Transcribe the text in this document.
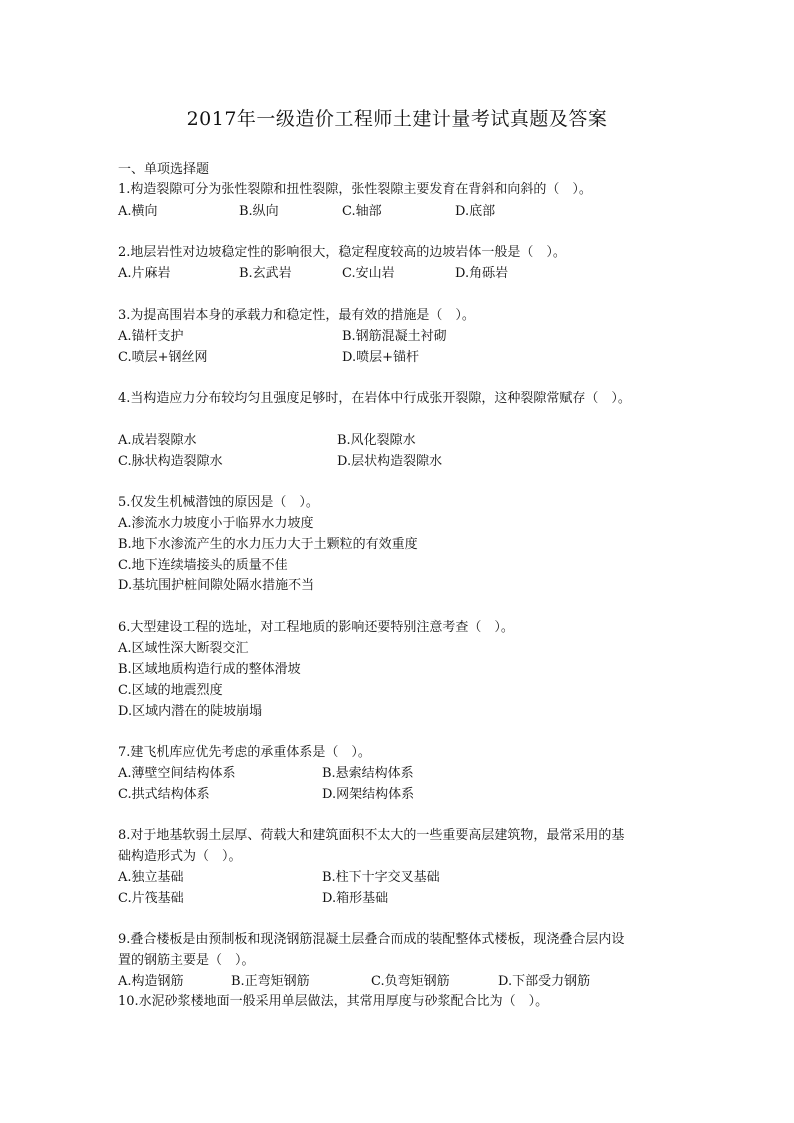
2017年一级造价工程师土建计量考试真题及答案
一、单项选择题
1.构造裂隙可分为张性裂隙和扭性裂隙，张性裂隙主要发育在背斜和向斜的（　）。
A.横向	B.纵向	C.轴部	D.底部
2.地层岩性对边坡稳定性的影响很大，稳定程度较高的边坡岩体一般是（　）。
A.片麻岩	B.玄武岩	C.安山岩	D.角砾岩
3.为提高围岩本身的承载力和稳定性，最有效的措施是（　）。
A.锚杆支护	B.钢筋混凝土衬砌
C.喷层+钢丝网	D.喷层+锚杆
4.当构造应力分布较均匀且强度足够时，在岩体中行成张开裂隙，这种裂隙常赋存（　）。
A.成岩裂隙水	B.风化裂隙水
C.脉状构造裂隙水	D.层状构造裂隙水
5.仅发生机械潜蚀的原因是（　）。
A.渗流水力坡度小于临界水力坡度
B.地下水渗流产生的水力压力大于土颗粒的有效重度
C.地下连续墙接头的质量不佳
D.基坑围护桩间隙处隔水措施不当
6.大型建设工程的选址，对工程地质的影响还要特别注意考查（　）。
A.区域性深大断裂交汇
B.区域地质构造行成的整体滑坡
C.区域的地震烈度
D.区域内潜在的陡坡崩塌
7.建飞机库应优先考虑的承重体系是（　）。
A.薄壁空间结构体系	B.悬索结构体系
C.拱式结构体系	D.网架结构体系
8.对于地基软弱土层厚、荷载大和建筑面积不太大的一些重要高层建筑物，最常采用的基
础构造形式为（　）。
A.独立基础	B.柱下十字交叉基础
C.片筏基础	D.箱形基础
9.叠合楼板是由预制板和现浇钢筋混凝土层叠合而成的装配整体式楼板，现浇叠合层内设
置的钢筋主要是（　）。
A.构造钢筋	B.正弯矩钢筋	C.负弯矩钢筋	D.下部受力钢筋
10.水泥砂浆楼地面一般采用单层做法，其常用厚度与砂浆配合比为（　）。
